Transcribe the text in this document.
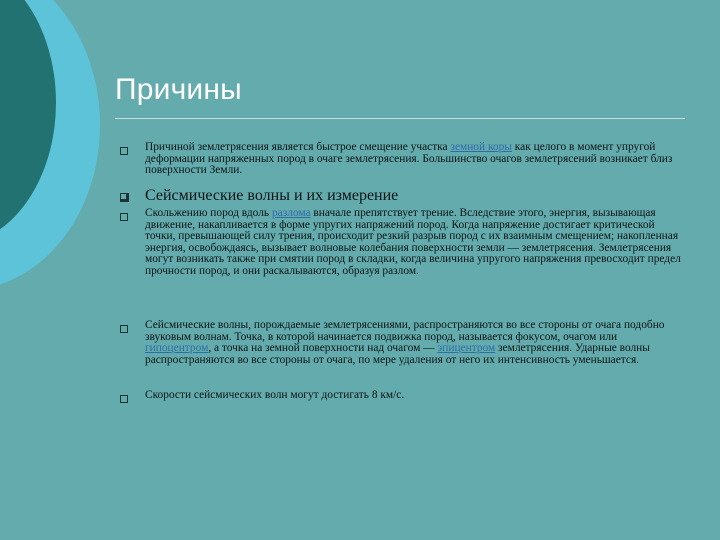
Причины

Причиной землетрясения является быстрое смещение участка земной коры как целого в момент упругой деформации напряженных пород в очаге землетрясения. Большинство очагов землетрясений возникает близ поверхности Земли.

Сейсмические волны и их измерение

Скольжению пород вдоль разлома вначале препятствует трение. Вследствие этого, энергия, вызывающая движение, накапливается в форме упругих напряжений пород. Когда напряжение достигает критической точки, превышающей силу трения, происходит резкий разрыв пород с их взаимным смещением; накопленная энергия, освобождаясь, вызывает волновые колебания поверхности земли — землетрясения. Землетрясения могут возникать также при смятии пород в складки, когда величина упругого напряжения превосходит предел прочности пород, и они раскалываются, образуя разлом.

Сейсмические волны, порождаемые землетрясениями, распространяются во все стороны от очага подобно звуковым волнам. Точка, в которой начинается подвижка пород, называется фокусом, очагом или гипоцентром, а точка на земной поверхности над очагом — эпицентром землетрясения. Ударные волны распространяются во все стороны от очага, по мере удаления от него их интенсивность уменьшается.

Скорости сейсмических волн могут достигать 8 км/с.
